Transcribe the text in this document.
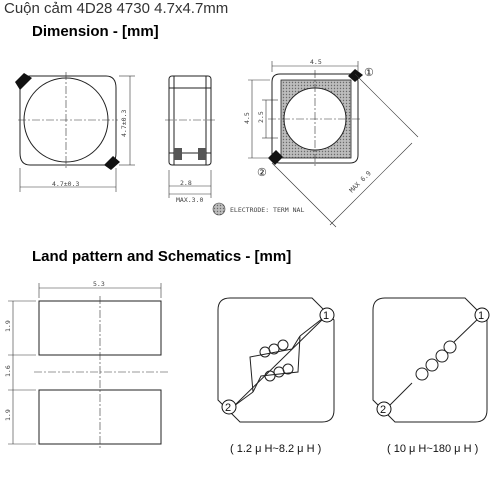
Cuộn cảm 4D28 4730 4.7x4.7mm
Dimension - [mm]
Land pattern and Schematics - [mm]
4.7±0.3
4.7±0.3
2.8
MAX.3.0
4.5
4.5 2.5
MAX 6.9
①
②
ELECTRODE: TERM NAL
5.3
1.9
1.6
1.9
1
2
( 1.2 μ H~8.2 μ H )
1
2
( 10 μ H~180 μ H )
